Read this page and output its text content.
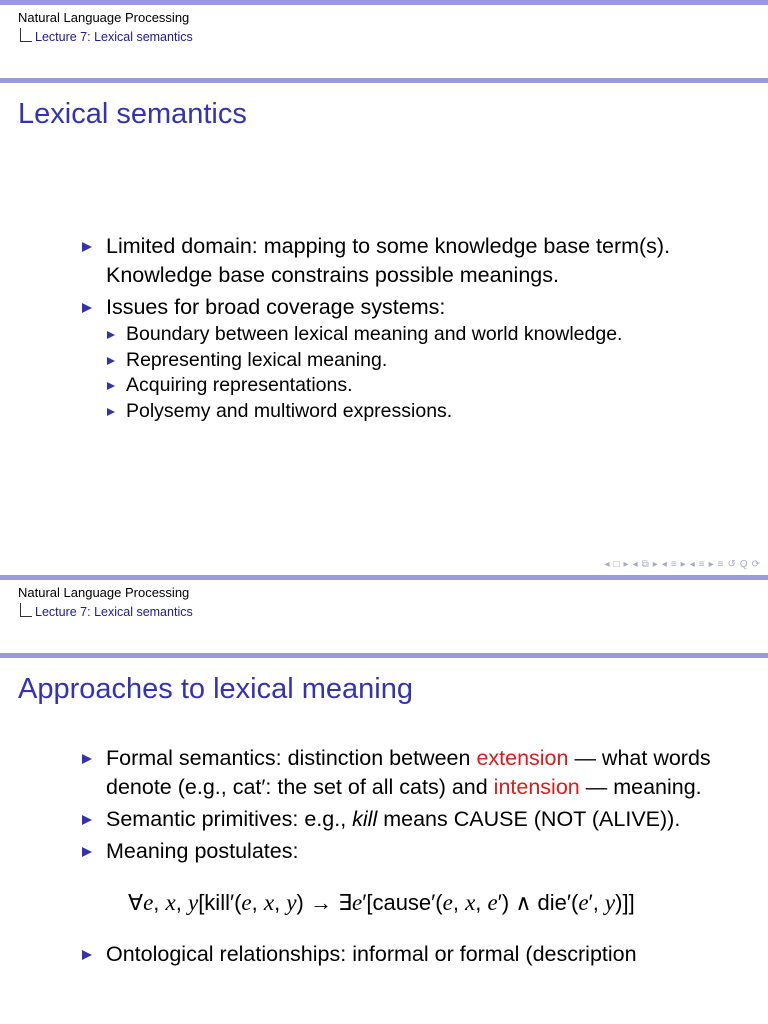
Natural Language Processing
Lecture 7: Lexical semantics
Lexical semantics
Limited domain: mapping to some knowledge base term(s). Knowledge base constrains possible meanings.
Issues for broad coverage systems:
Boundary between lexical meaning and world knowledge.
Representing lexical meaning.
Acquiring representations.
Polysemy and multiword expressions.
◂ □ ▸ ◂ ⧉ ▸ ◂ ≡ ▸ ◂ ≡ ▸ ≡ ↺ Q ⟳
Natural Language Processing
Lecture 7: Lexical semantics
Approaches to lexical meaning
Formal semantics: distinction between extension — what words denote (e.g., cat′: the set of all cats) and intension — meaning.
Semantic primitives: e.g., kill means CAUSE (NOT (ALIVE)).
Meaning postulates:
∀e, x, y[kill′(e, x, y) → ∃e′[cause′(e, x, e′) ∧ die′(e′, y)]]
Ontological relationships: informal or formal (description
